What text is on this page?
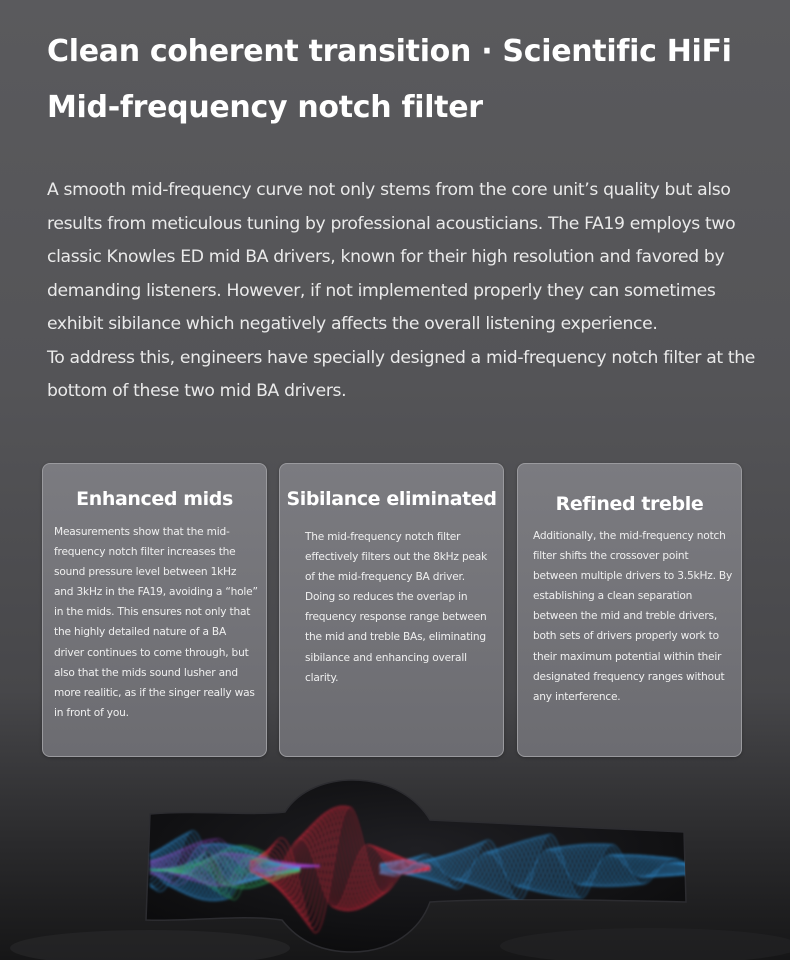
Clean coherent transition · Scientific HiFi
Mid-frequency notch filter

A smooth mid-frequency curve not only stems from the core unit’s quality but also results from meticulous tuning by professional acousticians. The FA19 employs two classic Knowles ED mid BA drivers, known for their high resolution and favored by demanding listeners. However, if not implemented properly they can sometimes exhibit sibilance which negatively affects the overall listening experience.

To address this, engineers have specially designed a mid-frequency notch filter at the bottom of these two mid BA drivers.

Enhanced mids
Measurements show that the mid-frequency notch filter increases the sound pressure level between 1kHz and 3kHz in the FA19, avoiding a “hole” in the mids. This ensures not only that the highly detailed nature of a BA driver continues to come through, but also that the mids sound lusher and more realitic, as if the singer really was in front of you.
Sibilance eliminated
The mid-frequency notch filter effectively filters out the 8kHz peak of the mid-frequency BA driver. Doing so reduces the overlap in frequency response range between the mid and treble BAs, eliminating sibilance and enhancing overall clarity.
Refined treble
Additionally, the mid-frequency notch filter shifts the crossover point between multiple drivers to 3.5kHz. By establishing a clean separation between the mid and treble drivers, both sets of drivers properly work to their maximum potential within their designated frequency ranges without any interference.
